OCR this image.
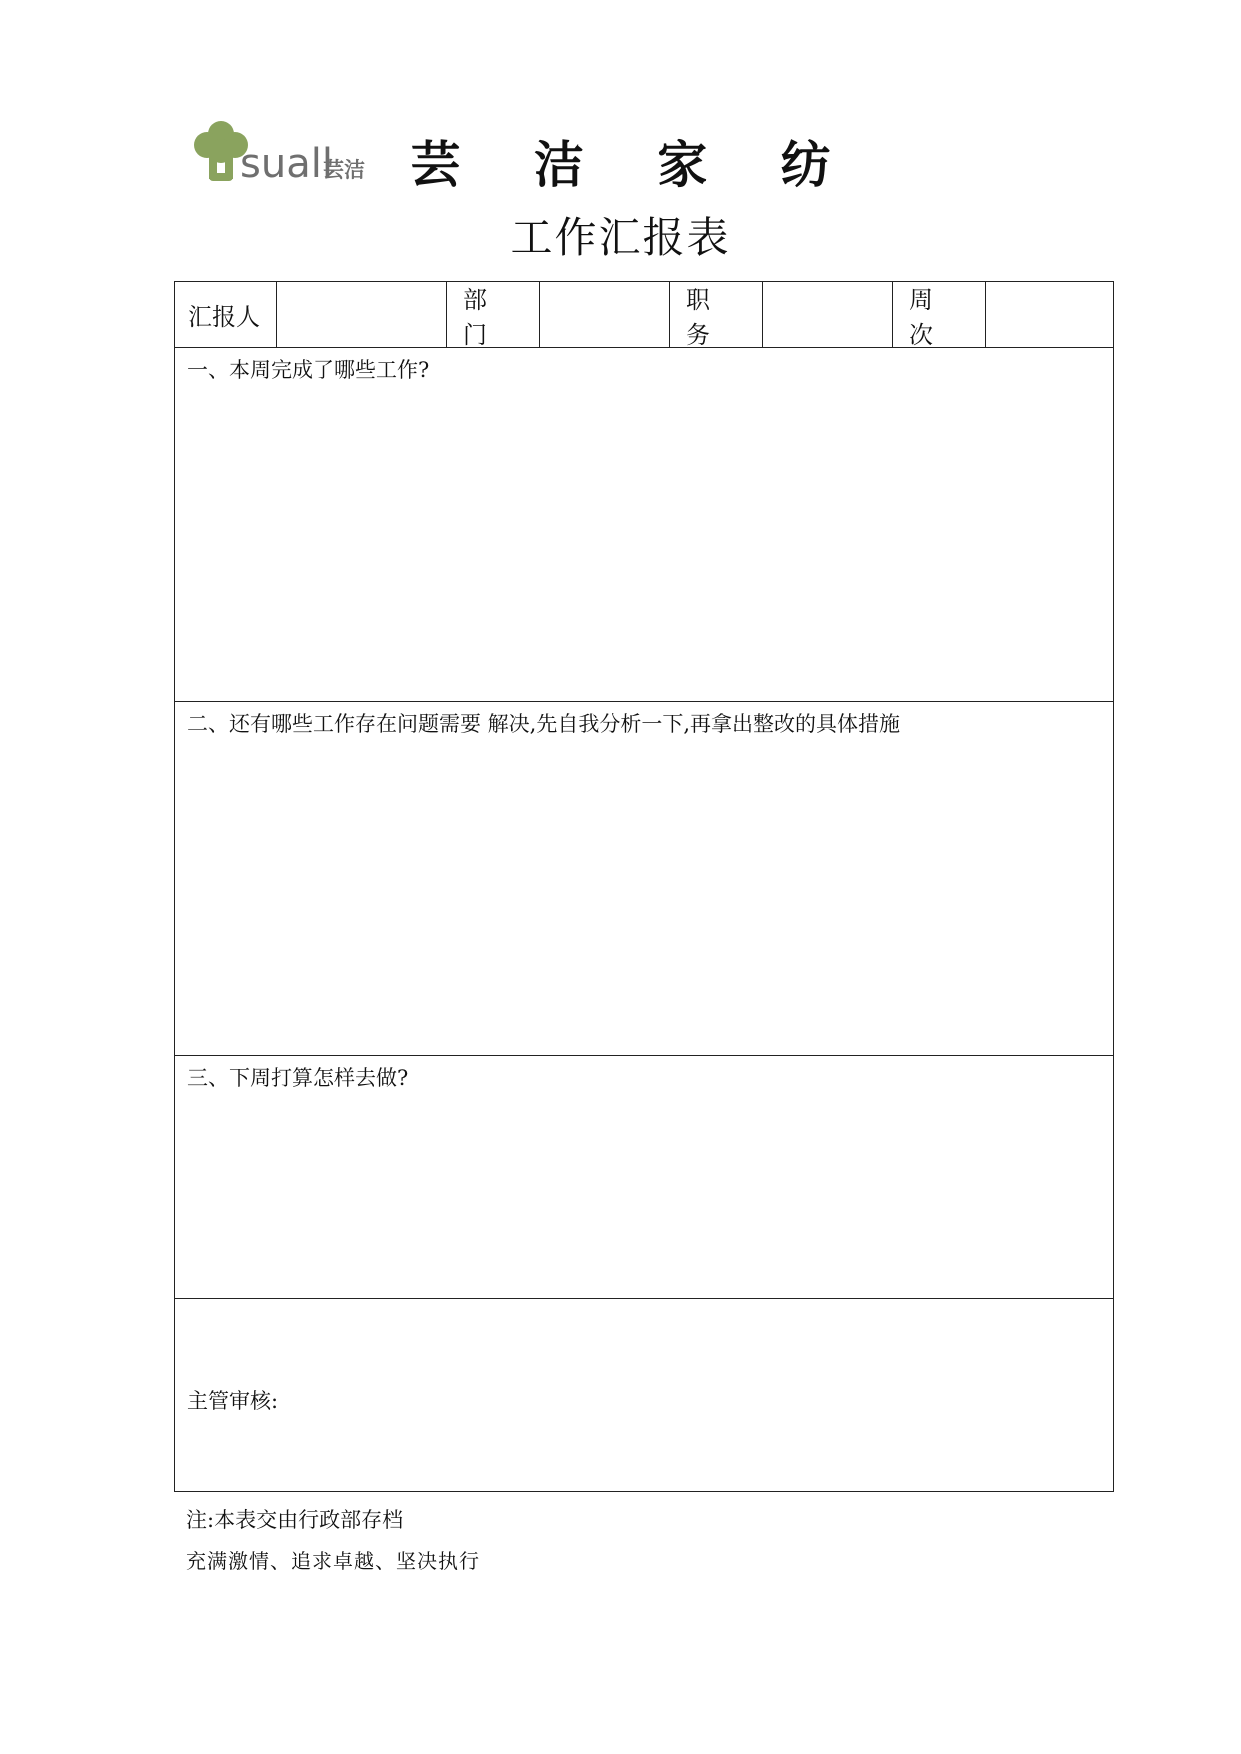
suall
芸洁 芸 洁 家 纺
工作汇报表
汇报人
部 门
职 务
周 次
一、本周完成了哪些工作?
二、还有哪些工作存在问题需要 解决,先自我分析一下,再拿出整改的具体措施
三、下周打算怎样去做?
主管审核:
注:本表交由行政部存档
充满激情、追求卓越、坚决执行
